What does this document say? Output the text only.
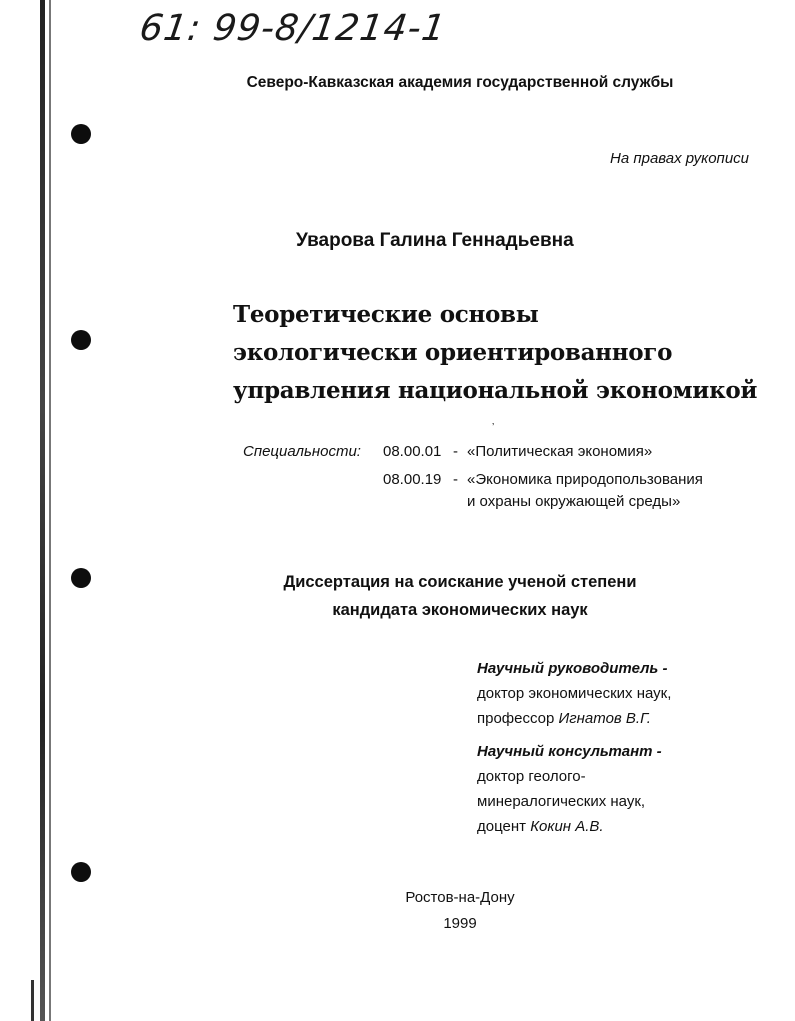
61: 99-8/1214-1
Северо-Кавказская академия государственной службы
На правах рукописи
Уварова Галина Геннадьевна
Теоретические основы
экологически ориентированного
управления национальной экономикой
‚
Специальности: 08.00.01 - «Политическая экономия»
08.00.19 - «Экономика природопользования
и охраны окружающей среды»
Диссертация на соискание ученой степени
кандидата экономических наук
Научный руководитель -
доктор экономических наук,
профессор Игнатов В.Г.
Научный консультант -
доктор геолого-
минералогических наук,
доцент Кокин А.В.
Ростов-на-Дону
1999
